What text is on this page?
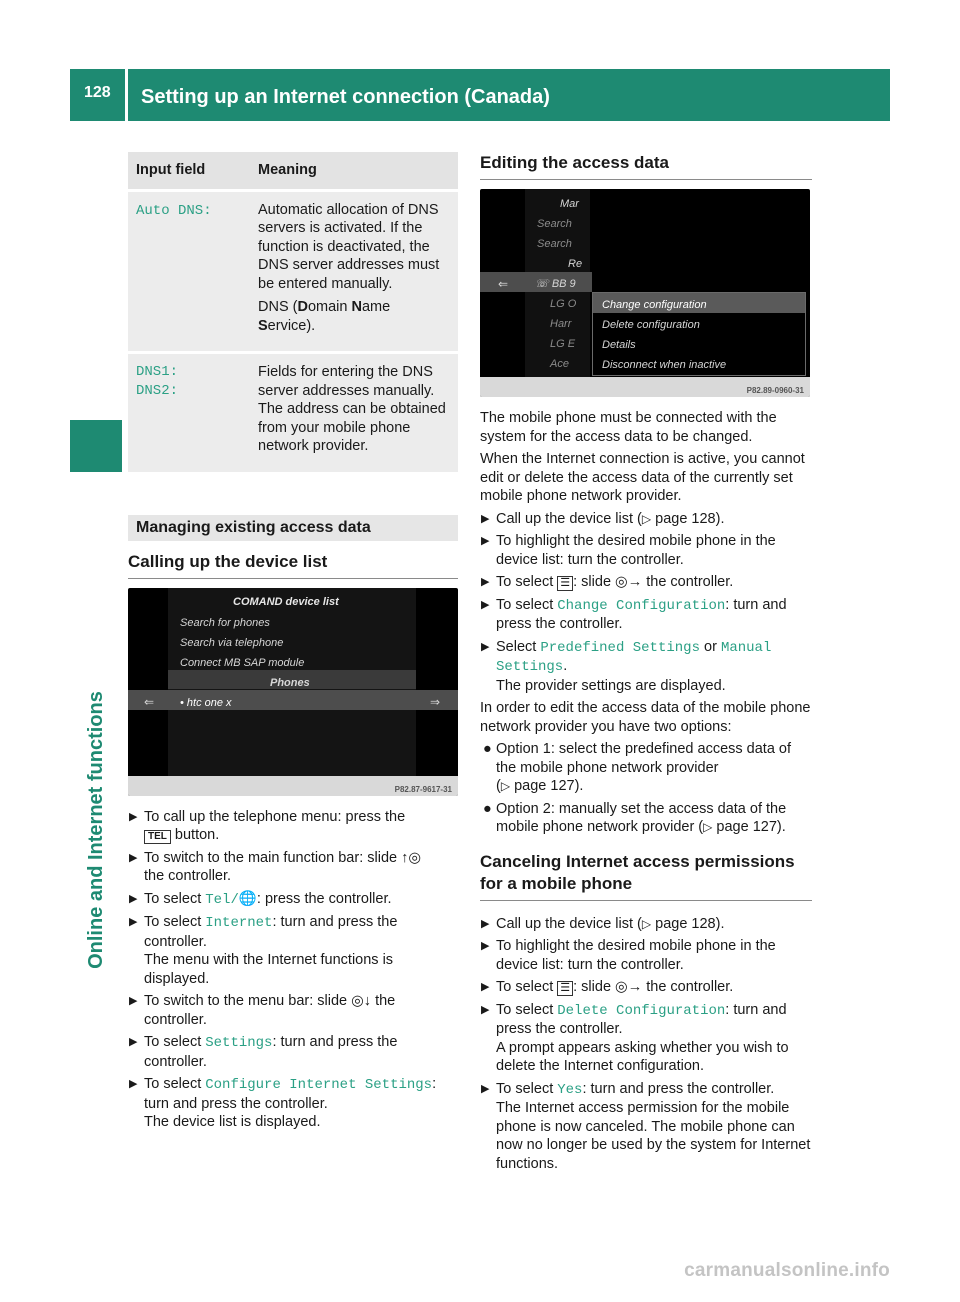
128 Setting up an Internet connection (Canada)
Online and Internet functions
Input field	Meaning
Auto DNS:	Automatic allocation of DNS servers is activated. If the function is deactivated, the DNS server addresses must be entered manually.

DNS (Domain Name
Service).

DNS1:
DNS2:	Fields for entering the DNS server addresses manually. The address can be obtained from your mobile phone network provider.

Managing existing access data
Calling up the device list
COMAND device list
Search for phones
Search via telephone
Connect MB SAP module
Phones
⇐ • htc one x	⇒
P82.87-9617-31
▶ To call up the telephone menu: press the
TEL button.
▶ To switch to the main function bar: slide ↑◎
the controller.
▶ To select Tel/🌐: press the controller.
▶ To select Internet: turn and press the controller.
The menu with the Internet functions is displayed.
▶ To switch to the menu bar: slide ◎↓ the controller.
▶ To select Settings: turn and press the controller.
▶ To select Configure Internet Settings:
turn and press the controller.
The device list is displayed.
Editing the access data
Mar
Search
Search
Re
⇐ ☏ BB 9
LG O
Harr
LG E
Ace
Change configuration
Delete configuration
Details
Disconnect when inactive
P82.89-0960-31

The mobile phone must be connected with the system for the access data to be changed.

When the Internet connection is active, you cannot edit or delete the access data of the currently set mobile phone network provider.

▶ Call up the device list (▷ page 128).
▶ To highlight the desired mobile phone in the device list: turn the controller.
▶ To select ☰ : slide ◎→ the controller.
▶ To select Change Configuration: turn and press the controller.
▶ Select Predefined Settings or Manual Settings.
The provider settings are displayed.

In order to edit the access data of the mobile phone network provider you have two options:

● Option 1: select the predefined access data of the mobile phone network provider
(▷ page 127).
● Option 2: manually set the access data of the mobile phone network provider (▷ page 127).
Canceling Internet access permissions for a mobile phone
▶ Call up the device list (▷ page 128).
▶ To highlight the desired mobile phone in the device list: turn the controller.
▶ To select ☰ : slide ◎→ the controller.
▶ To select Delete Configuration: turn and press the controller.
A prompt appears asking whether you wish to delete the Internet configuration.
▶ To select Yes: turn and press the controller.
The Internet access permission for the mobile phone is now canceled. The mobile phone can now no longer be used by the system for Internet functions.
carmanualsonline.info
